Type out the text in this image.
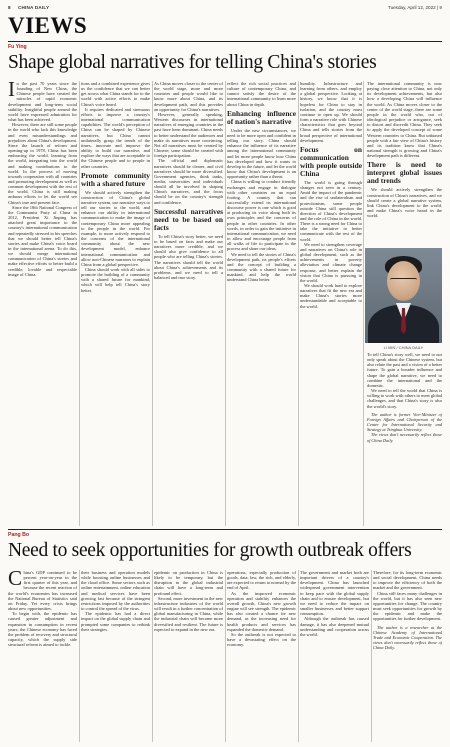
8 CHINA DAILY	Tuesday, April 12, 2022 | 9
VIEWS
Fu Ying
Shape global narratives for telling China's stories
I n the past 70 years since the founding of New China, the Chinese people have created the miracles of rapid economic development and long-term social stability. Insightful people around the world have expressed admiration for what has been achieved.

However, there are still some people in the world who lack this knowledge and even misunderstandings and prejudices about China's development. Since the launch of reform and opening-up in 1978, China has been embracing the world, learning from the world, integrating into the world and making contributions to the world. In the process of moving towards cooperation with all countries and promoting development as well as common development with the rest of the world, China is still making arduous efforts to let the world see China's true and present face.

Since the 18th National Congress of the Communist Party of China in 2012, President Xi Jinping has attached great importance to the country's international communication and repeatedly stressed in his speeches that we should better tell China's stories and make China's voice heard in the international arena. To do this, we should merge international communication of China's stories and make effective efforts to better build a credible, lovable and respectable image of China.

tions and a combined experience gives us the confidence that we can better get across what China stands for to the world with active efforts to make China's voice heard.

It requires dedicated and strenuous efforts to improve a country's international communication capabilities. The world's perception of China can be shaped by Chinese narratives, but China cannot unilaterally grasp the trends of the times, innovate and improve the ability to build our narrative, and explore the ways that are acceptable to the Chinese people and to people in other countries.

Promote community with a shared future

We should actively strengthen the construction of China's global narrative system, use narrative ways to tell our stories to the world, and enhance our ability in international communication to make the image of contemporary China more appealing to the people in the world. For example, to more actively respond to the concerns of the international community about the new development model, enhance international communication and allow non-Chinese narrators to explain China from a global perspective.

China should work with all sides to promote the building of a community with a shared future for mankind, which will help tell China's story better.

As China moves closer to the center of the world stage, more and more countries and people would like to know more about China, and its development path, and this provides an opportunity for China's narratives.

However, generally speaking, Western discourses in international narratives of emerging countries in the past have been dominant. China needs to better understand the audiences and make its narratives more convincing. Not all narratives must be created by Chinese; some should be created with foreign participation.

The official and diplomatic narratives should be clearer, and civil narratives should be more diversified. Government agencies, think tanks, media, universities and individuals should all be involved in shaping China's narratives, and the focus should be on the country's strength and confidence.

Successful narratives need to be based on facts

To tell China's story better, we need to be based on facts and make our narratives more credible, and we should also give confidence to all people who are telling China's stories. The narratives should tell the world about China's achievements and its problems, and we need to tell a balanced and true story.

reflect the rich social practices and culture of contemporary China, and cannot satisfy the desire of the international community to learn more about China in depth.

Enhancing influence of nation's narrative

Under the new circumstances, we need to be more open and confident in telling our story. China should enhance the influence of its narrative among the international community and let more people know how China has developed and how it wants to develop in the future, and let the world know that China's development is an opportunity rather than a threat.

China is willing to conduct friendly exchanges and engage in dialogue with other countries on an equal footing. A country that can successfully extend its international discourse power is one which is good at producing its voice along both its own principles and the concerns of people in other countries. In other words, in order to gain the initiative in international communication, we need to allow and encourage people from all walks of life to participate in the process and share our ideas.

We need to tell the stories of China's development path, its people's efforts and the concept of building a community with a shared future for mankind, and help the world understand China better.

humility. Infrastructure and learning from others, and employ a global perspective. Looking at history, we know that it is hopeless for China to stay in isolation, and the country must continue to open up. We should form a narrative role with Chinese characteristics that goes beyond China and tells stories from the broad perspective of international development.

Focus on communication with people outside China

The world is going through changes not seen in a century. Amid the impact of the pandemic and the rise of unilateralism and protectionism, some people outside China still question the direction of China's development and the role of China in the world. There is a strong need for China to take the initiative to better communicate with the rest of the world.

We need to strengthen coverage and narratives on China's role in global development, such as the achievements in poverty alleviation and climate change response, and better explain the vision that China is pursuing in the world.

We should work hard to explore narratives that fit the new era and make China's stories more understandable and acceptable to the world.

The international community is now paying close attention to China, not only its development achievements, but also how a developing China will influence the world. As China moves closer to the center of the world stage, there are some people in the world who, out of ideological prejudice or arrogance, seek to distort and discredit China. They seek to apply the developed concept of some Western countries to China. But unbiased people with a fair view of China's history and its tradition know that China's national strength is growing and China's development path is different.

There is need to interpret global issues and trends

We should actively strengthen the construction of China's narratives, and we should create a global narrative system, link China's development to the world, and make China's voice heard in the world.

LI MIN / CHINA DAILY

To tell China's story well, we need to not only speak about the Chinese system, but also relate the past and a vision of a better future. To gain a broader influence and shape the global narrative, we need to combine the international and the domestic.

We need to tell the world that China is willing to work with others to meet global challenges, and that China's story is also the world's story.

The author is former Vice-Minister of Foreign Affairs and Chairperson of the Center for International Security and Strategy at Tsinghua University.

The views don't necessarily reflect those of China Daily.

Pang Bo
Need to seek opportunities for growth outbreak offers
C hina's GDP continued to be percent year-on-year in the first quarter of this year, and because the recent reaction of the world's economies has increased the National Bureau of Statistics said on Friday. Yet every crisis brings about new opportunities.

To begin with, the epidemic has caused greater adjustment and expansion in consumption in recent years; the Chinese economy has faced the problem of recovery and structural capacity, which the supply side structural reform is aimed to tackle.

their business and operation models while boosting online businesses and the cloud office. Some sectors such as online entertainment, online education and medical services have been growing fast because of the stringent restrictions imposed by the authorities to control the spread of the virus.

The epidemic has had a direct impact on the global supply chain and prompted some companies to rethink their strategies.

epidemic on production in China is likely to be temporary, but the disruption in the global industrial chain will have a long-term and profound effect.

Second, more investment in the new infrastructure industries of the world will result in a further concentration of global manufacturing in China, while the industrial chain will become more diversified and resilient. The future is expected to expand in the new era.

operations, especially production of goods, data, law, the rich, and elderly, are expected to return to normal by the end of April.

As the improved economic operation and stability enhances the overall growth, China's new growth engine will see strength. The epidemic has also created a chance for new demand, as the increasing need for health products and services has expanded the domestic demand.

So the outbreak is not expected to have a devastating effect on the economy.

The government and market both are important drivers of a country's development. China has launched widespread government intervention to keep pace with the global supply chain and to ensure development, but we need to reduce the impact on smaller businesses and better support consumption.

Although the outbreak has caused damage, it has also deepened mutual understanding and cooperation across the world.

Therefore, for its long-term economic and social development, China needs to improve the efficiency of both the market and the government.

China still faces many challenges in the world, but it has also seen new opportunities for change. The country must seek opportunities for growth by the epidemic and make the opportunities for further development.

The author is a researcher at the Chinese Academy of International Trade and Economic Cooperation. The views don't necessarily reflect those of China Daily.
